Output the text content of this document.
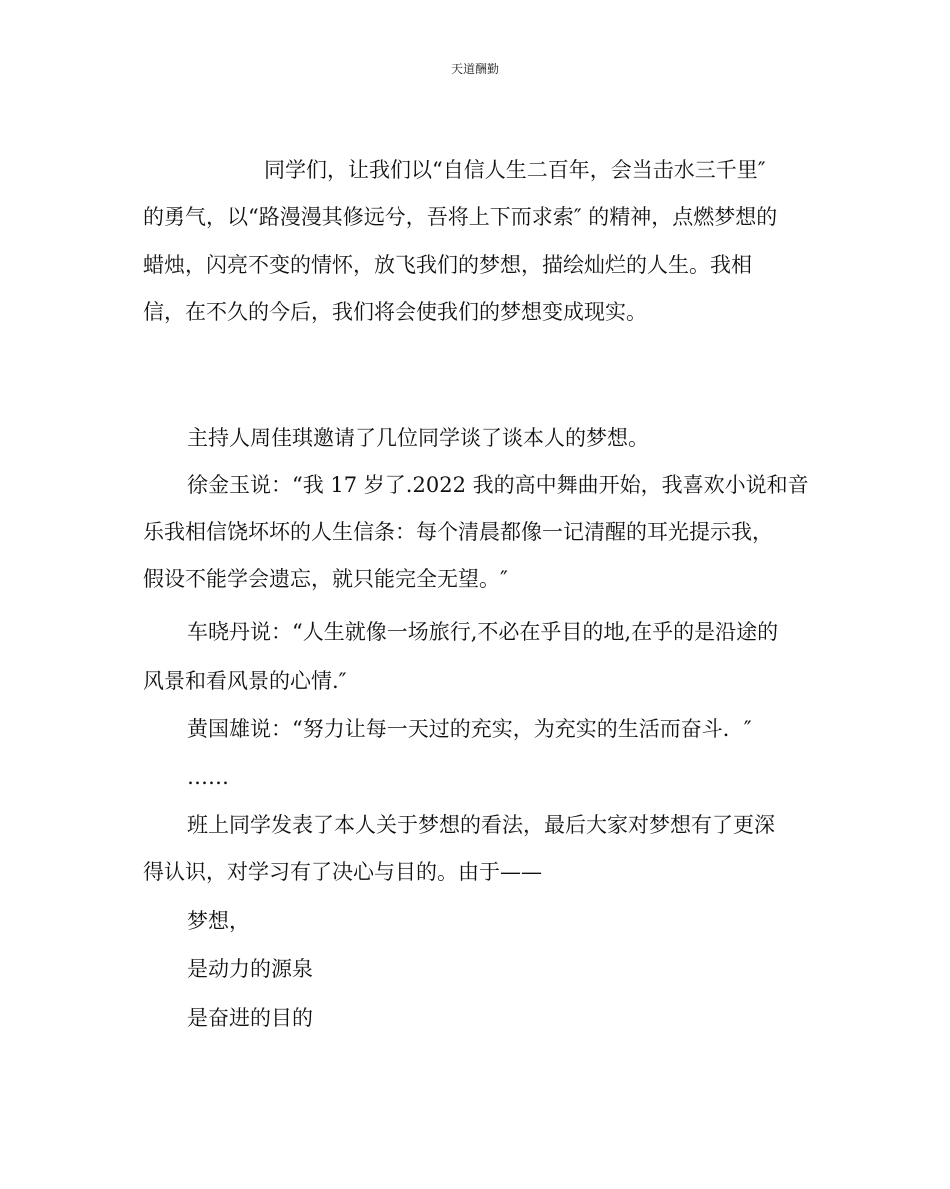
天道酬勤
同学们，让我们以“自信人生二百年，会当击水三千里″
的勇气，以“路漫漫其修远兮，吾将上下而求索″ 的精神，点燃梦想的
蜡烛，闪亮不变的情怀，放飞我们的梦想，描绘灿烂的人生。我相
信，在不久的今后，我们将会使我们的梦想变成现实。
主持人周佳琪邀请了几位同学谈了谈本人的梦想。
徐金玉说：“我 17 岁了.2022 我的高中舞曲开始，我喜欢小说和音
乐我相信饶坏坏的人生信条：每个清晨都像一记清醒的耳光提示我，
假设不能学会遗忘，就只能完全无望。″
车晓丹说：“人生就像一场旅行,不必在乎目的地,在乎的是沿途的
风景和看风景的心情.″
黄国雄说：“努力让每一天过的充实，为充实的生活而奋斗．″
……
班上同学发表了本人关于梦想的看法，最后大家对梦想有了更深
得认识，对学习有了决心与目的。由于——
梦想，
是动力的源泉
是奋进的目的
